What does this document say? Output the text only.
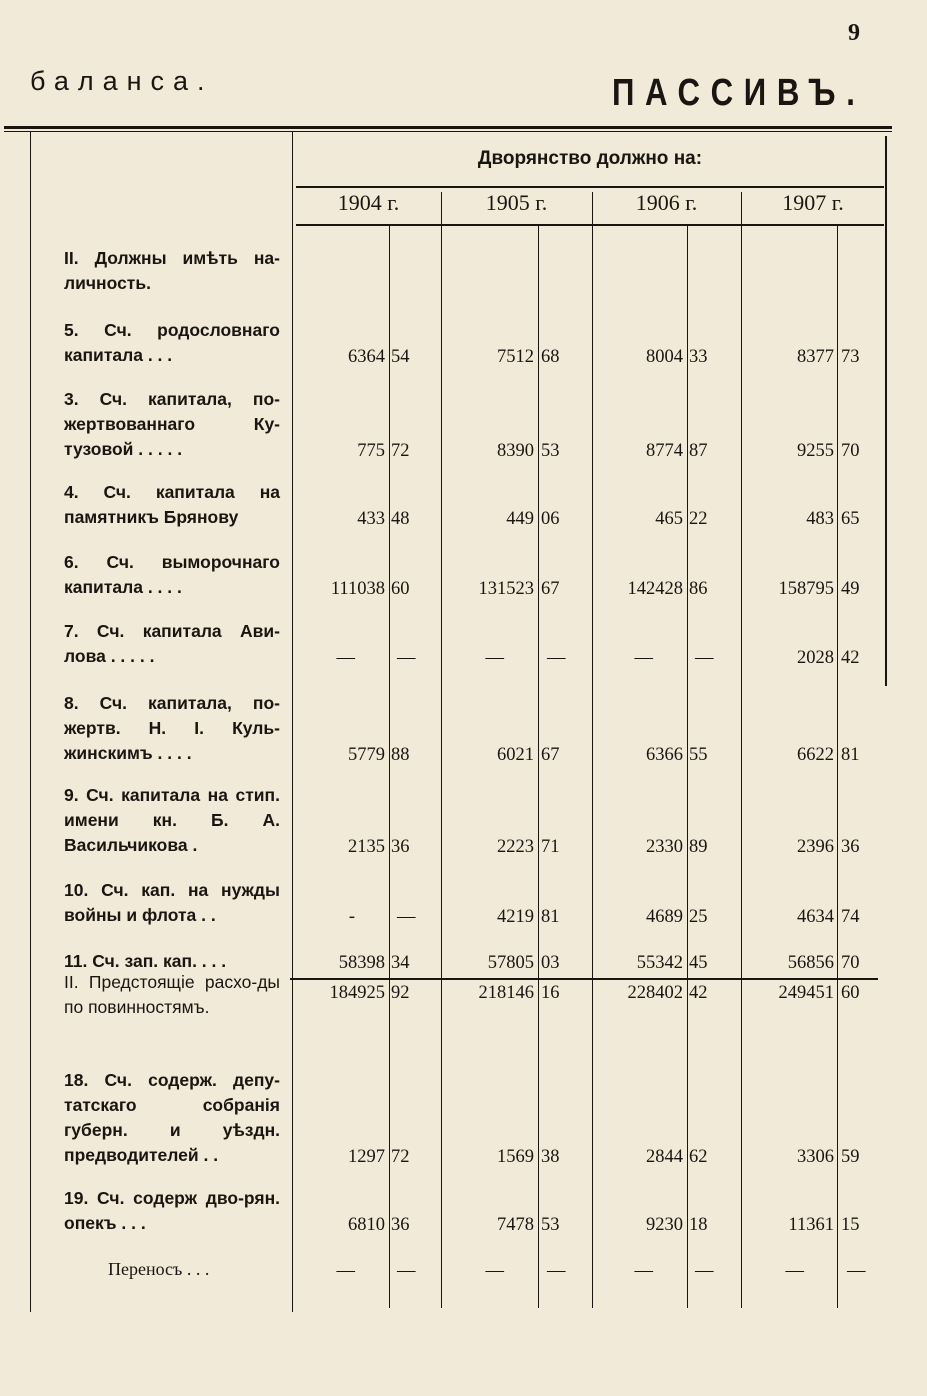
9
баланса.	ПАССИВЪ.
Дворянство должно на:
1904 г.	1905 г.	1906 г.	1907 г.
II. Должны имѣть на-личность.
5. Сч. родословнаго капитала . . .	6364 54	7512 68	8004 33	8377 73
3. Сч. капитала, по-жертвованнаго Ку-тузовой . . . . .	775 72	8390 53	8774 87	9255 70
4. Сч. капитала на памятникъ Брянову	433 48	449 06	465 22	483 65
6. Сч. выморочнаго капитала . . . .	111038 60	131523 67	142428 86	158795 49
7. Сч. капитала Ави-лова . . . . .	— —	— —	— —	2028 42
8. Сч. капитала, по-жертв. Н. I. Куль-жинскимъ . . . .	5779 88	6021 67	6366 55	6622 81
9. Сч. капитала на стип. имени кн. Б. А. Васильчикова .	2135 36	2223 71	2330 89	2396 36
10. Сч. кап. на нужды войны и флота . .	- —	4219 81	4689 25	4634 74
11. Сч. зап. кап. . . .	58398 34	57805 03	55342 45	56856 70
II. Предстоящіе расхо-ды по повинностямъ.
184925 92	218146 16	228402 42	249451 60
18. Сч. содерж. депу-татскаго собранія губерн. и уѣздн. предводителей . .	1297 72	1569 38	2844 62	3306 59
19. Сч. содерж дво-рян. опекъ . . .	6810 36	7478 53	9230 18	11361 15
Переносъ . . .	— —	— —	— —	— —
